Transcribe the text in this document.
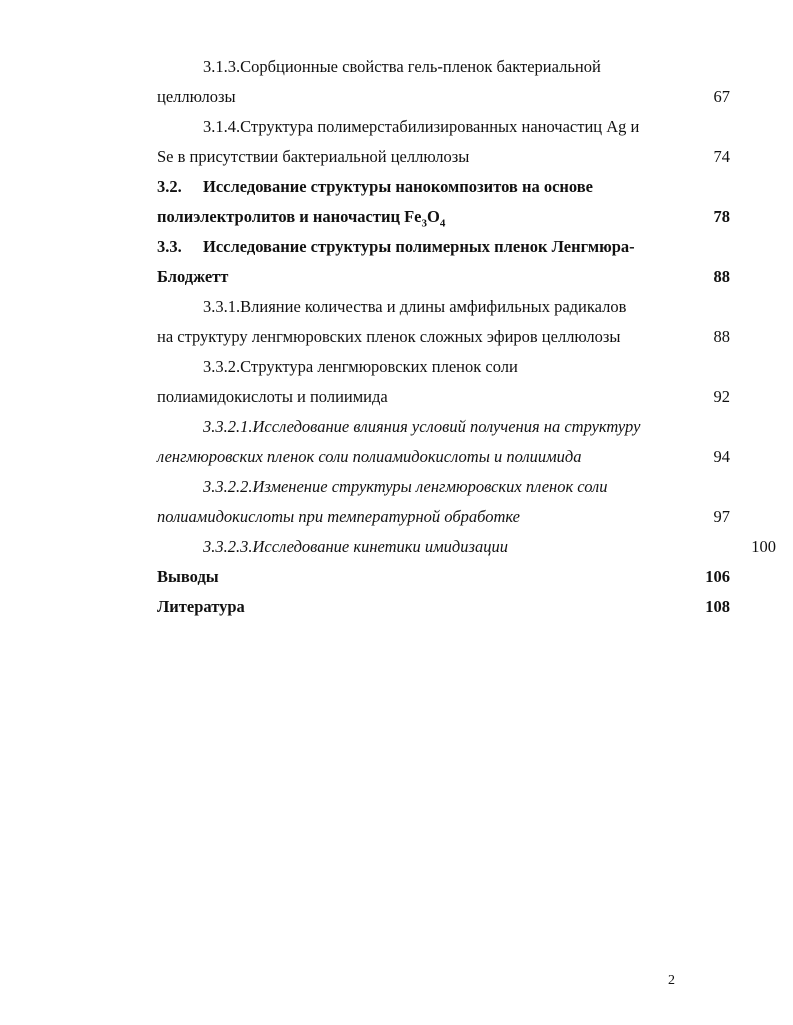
3.1.3.Сорбционные свойства гель-пленок бактериальной
целлюлозы	67
3.1.4.Структура полимерстабилизированных наночастиц Ag и
Se в присутствии бактериальной целлюлозы	74
3.2. Исследование структуры нанокомпозитов на основе
полиэлектролитов и наночастиц $Fe_3O_4$	78
3.3. Исследование структуры полимерных пленок Ленгмюра-
Блоджетт	88
3.3.1.Влияние количества и длины амфифильных радикалов
на структуру ленгмюровских пленок сложных эфиров целлюлозы	88
3.3.2.Структура ленгмюровских пленок соли
полиамидокислоты и полиимида	92
3.3.2.1.Исследование влияния условий получения на структуру
ленгмюровских пленок соли полиамидокислоты и полиимида	94
3.3.2.2.Изменение структуры ленгмюровских пленок соли
полиамидокислоты при температурной обработке	97
3.3.2.3.Исследование кинетики имидизации	100
Выводы	106
Литература	108
2
